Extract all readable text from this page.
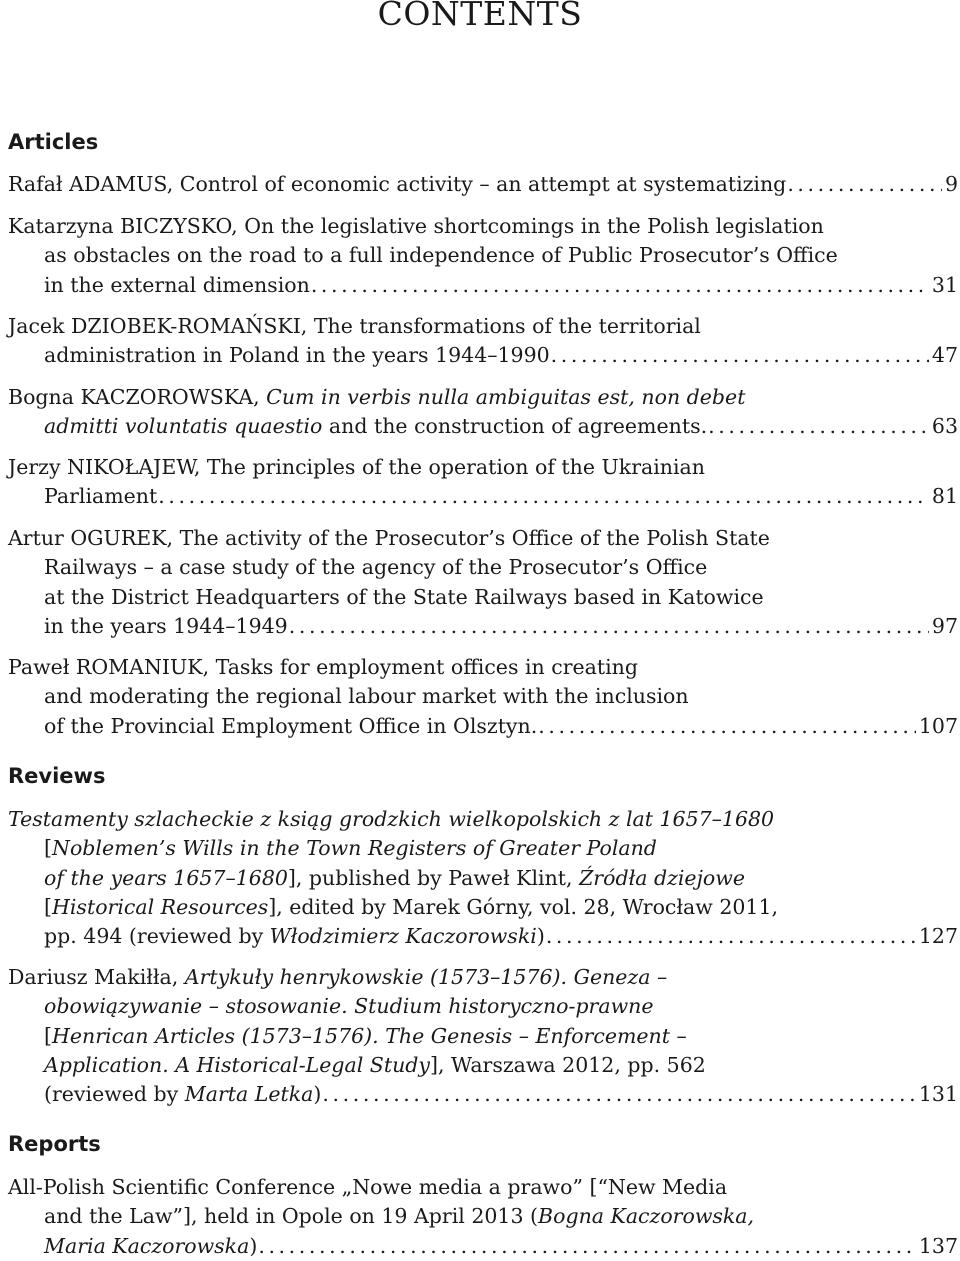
CONTENTS
Articles
Rafał ADAMUS, Control of economic activity – an attempt at systematizing .....	9
Katarzyna BICZYSKO, On the legislative shortcomings in the Polish legislation
as obstacles on the road to a full independence of Public Prosecutor’s Office
in the external dimension .....	31
Jacek DZIOBEK-ROMAŃSKI, The transformations of the territorial
administration in Poland in the years 1944–1990 .....	47
Bogna KACZOROWSKA, Cum in verbis nulla ambiguitas est, non debet
admitti voluntatis quaestio and the construction of agreements. .....	63
Jerzy NIKOŁAJEW, The principles of the operation of the Ukrainian
Parliament .....	81
Artur OGUREK, The activity of the Prosecutor’s Office of the Polish State
Railways – a case study of the agency of the Prosecutor’s Office
at the District Headquarters of the State Railways based in Katowice
in the years 1944–1949 .....	97
Paweł ROMANIUK, Tasks for employment offices in creating
and moderating the regional labour market with the inclusion
of the Provincial Employment Office in Olsztyn. .....	107
Reviews
Testamenty szlacheckie z ksiąg grodzkich wielkopolskich z lat 1657–1680
[Noblemen’s Wills in the Town Registers of Greater Poland
of the years 1657–1680], published by Paweł Klint, Źródła dziejowe
[Historical Resources], edited by Marek Górny, vol. 28, Wrocław 2011,
pp. 494 (reviewed by Włodzimierz Kaczorowski) .....	127
Dariusz Makiłła, Artykuły henrykowskie (1573–1576). Geneza –
obowiązywanie – stosowanie. Studium historyczno-prawne
[Henrican Articles (1573–1576). The Genesis – Enforcement –
Application. A Historical-Legal Study], Warszawa 2012, pp. 562
(reviewed by Marta Letka) .....	131
Reports
All-Polish Scientific Conference „Nowe media a prawo” [“New Media
and the Law”], held in Opole on 19 April 2013 (Bogna Kaczorowska,
Maria Kaczorowska) .....	137
